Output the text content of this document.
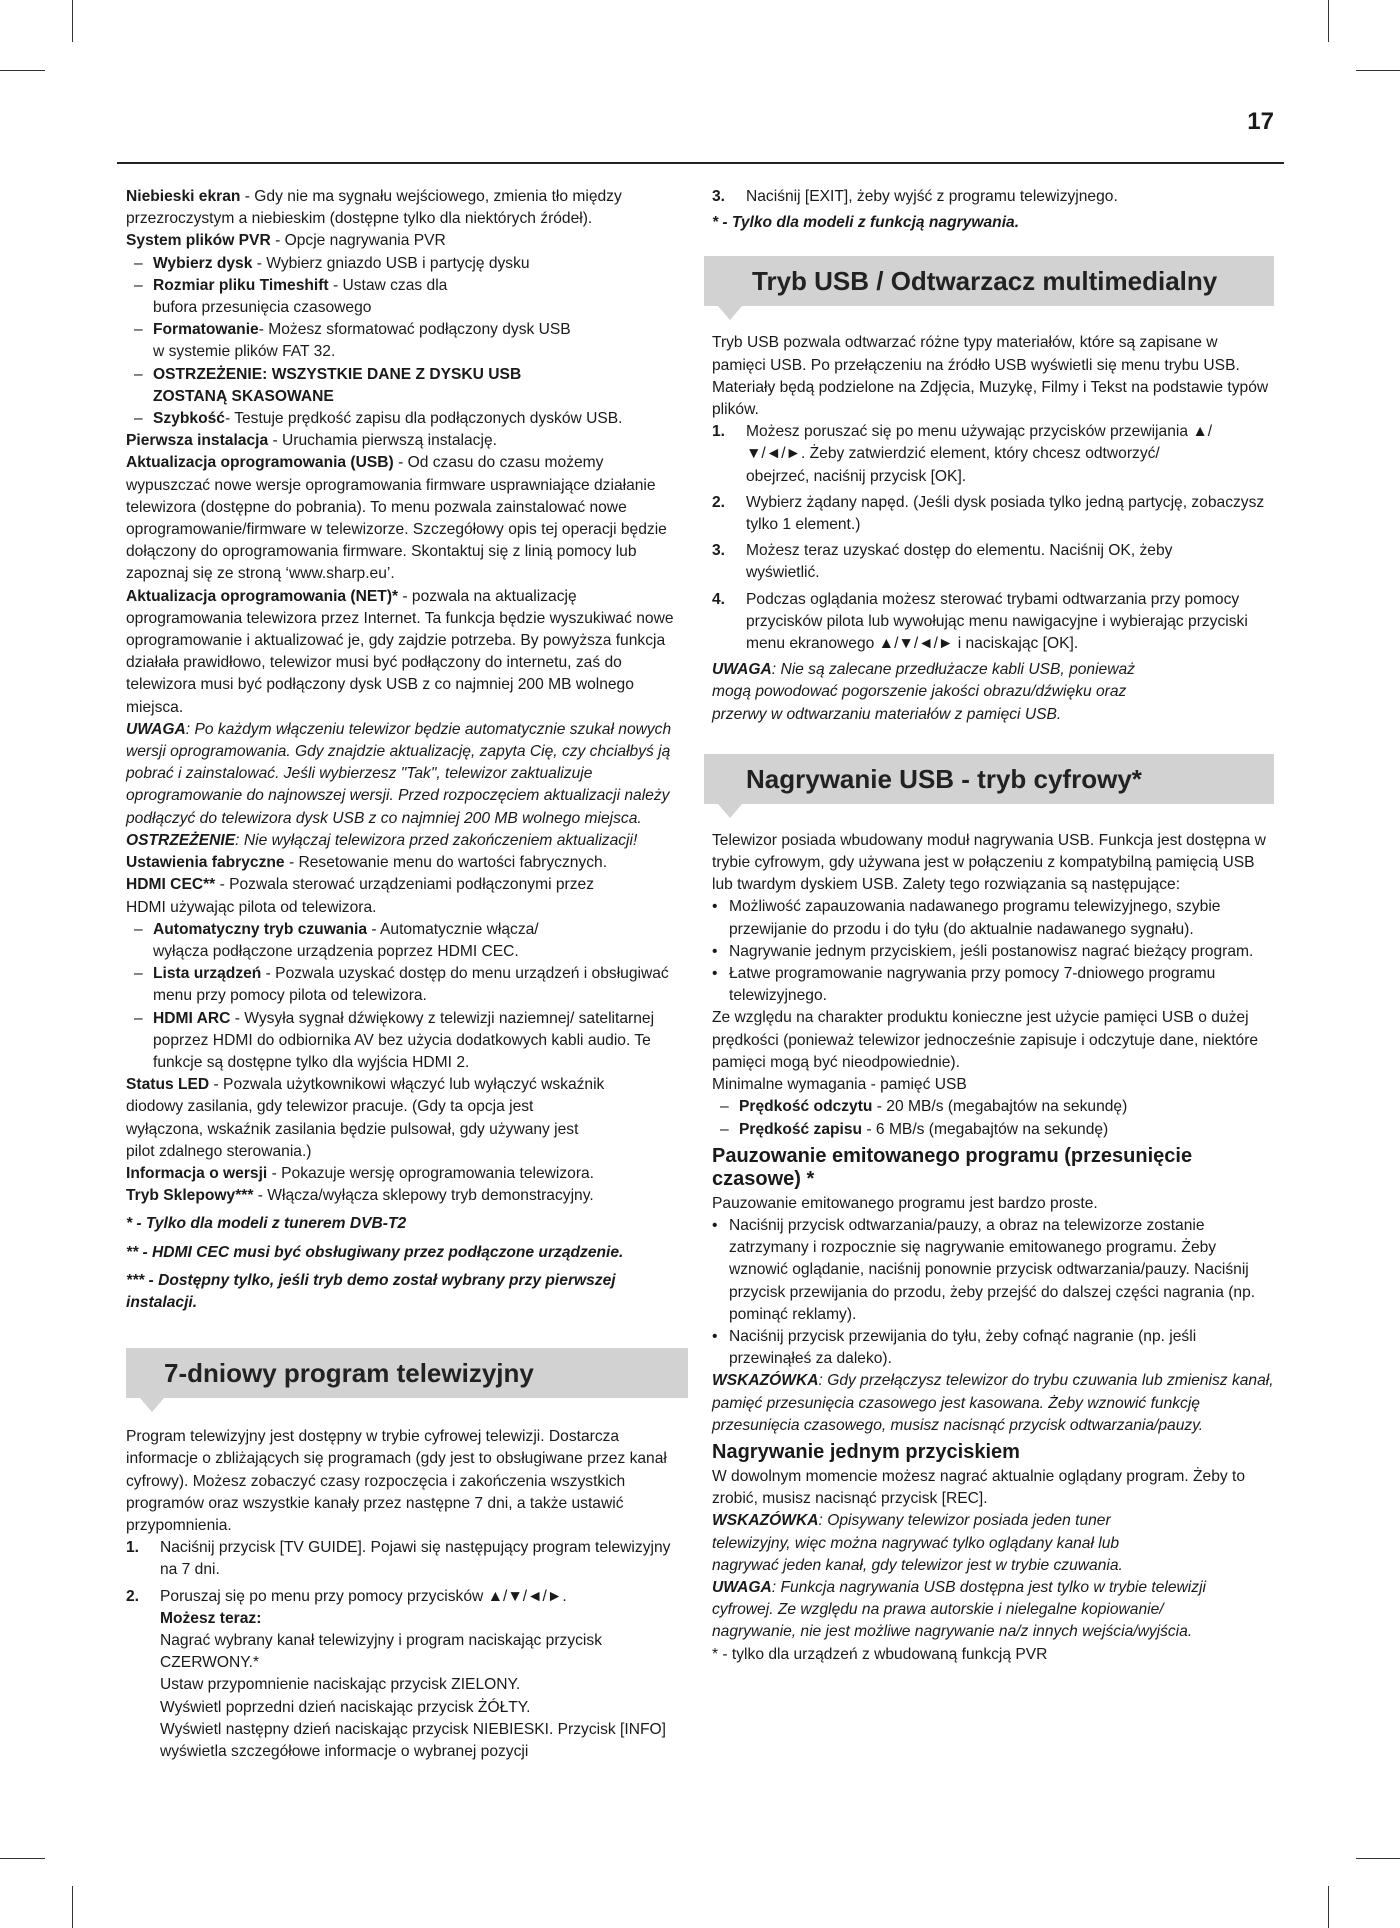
17

Niebieski ekran - Gdy nie ma sygnału wejściowego, zmienia tło między przezroczystym a niebieskim (dostępne tylko dla niektórych źródeł).

System plików PVR - Opcje nagrywania PVR

– Wybierz dysk - Wybierz gniazdo USB i partycję dysku
– Rozmiar pliku Timeshift - Ustaw czas dla bufora przesunięcia czasowego
– Formatowanie- Możesz sformatować podłączony dysk USB w systemie plików FAT 32.
– OSTRZEŻENIE: WSZYSTKIE DANE Z DYSKU USB ZOSTANĄ SKASOWANE
– Szybkość- Testuje prędkość zapisu dla podłączonych dysków USB.

Pierwsza instalacja - Uruchamia pierwszą instalację.

Aktualizacja oprogramowania (USB) - Od czasu do czasu możemy wypuszczać nowe wersje oprogramowania firmware usprawniające działanie telewizora (dostępne do pobrania). To menu pozwala zainstalować nowe oprogramowanie/firmware w telewizorze. Szczegółowy opis tej operacji będzie dołączony do oprogramowania firmware. Skontaktuj się z linią pomocy lub zapoznaj się ze stroną ‘www.sharp.eu’.

Aktualizacja oprogramowania (NET)* - pozwala na aktualizację oprogramowania telewizora przez Internet. Ta funkcja będzie wyszukiwać nowe oprogramowanie i aktualizować je, gdy zajdzie potrzeba. By powyższa funkcja działała prawidłowo, telewizor musi być podłączony do internetu, zaś do telewizora musi być podłączony dysk USB z co najmniej 200 MB wolnego miejsca.

UWAGA: Po każdym włączeniu telewizor będzie automatycznie szukał nowych wersji oprogramowania. Gdy znajdzie aktualizację, zapyta Cię, czy chciałbyś ją pobrać i zainstalować. Jeśli wybierzesz "Tak", telewizor zaktualizuje oprogramowanie do najnowszej wersji. Przed rozpoczęciem aktualizacji należy podłączyć do telewizora dysk USB z co najmniej 200 MB wolnego miejsca.

OSTRZEŻENIE: Nie wyłączaj telewizora przed zakończeniem aktualizacji!

Ustawienia fabryczne - Resetowanie menu do wartości fabrycznych.

HDMI CEC** - Pozwala sterować urządzeniami podłączonymi przez HDMI używając pilota od telewizora.

– Automatyczny tryb czuwania - Automatycznie włącza/ wyłącza podłączone urządzenia poprzez HDMI CEC.
– Lista urządzeń - Pozwala uzyskać dostęp do menu urządzeń i obsługiwać menu przy pomocy pilota od telewizora.
– HDMI ARC - Wysyła sygnał dźwiękowy z telewizji naziemnej/ satelitarnej poprzez HDMI do odbiornika AV bez użycia dodatkowych kabli audio. Te funkcje są dostępne tylko dla wyjścia HDMI 2.

Status LED - Pozwala użytkownikowi włączyć lub wyłączyć wskaźnik diodowy zasilania, gdy telewizor pracuje. (Gdy ta opcja jest wyłączona, wskaźnik zasilania będzie pulsował, gdy używany jest pilot zdalnego sterowania.)

Informacja o wersji - Pokazuje wersję oprogramowania telewizora.

Tryb Sklepowy*** - Włącza/wyłącza sklepowy tryb demonstracyjny.

* - Tylko dla modeli z tunerem DVB-T2

** - HDMI CEC musi być obsługiwany przez podłączone urządzenie.

*** - Dostępny tylko, jeśli tryb demo został wybrany przy pierwszej instalacji.

7-dniowy program telewizyjny

Program telewizyjny jest dostępny w trybie cyfrowej telewizji. Dostarcza informacje o zbliżających się programach (gdy jest to obsługiwane przez kanał cyfrowy). Możesz zobaczyć czasy rozpoczęcia i zakończenia wszystkich programów oraz wszystkie kanały przez następne 7 dni, a także ustawić przypomnienia.

1.	Naciśnij przycisk [TV GUIDE]. Pojawi się następujący program telewizyjny na 7 dni.
2.	Poruszaj się po menu przy pomocy przycisków ▲/▼/◄/►.
Możesz teraz:
Nagrać wybrany kanał telewizyjny i program naciskając przycisk CZERWONY.*
Ustaw przypomnienie naciskając przycisk ZIELONY.
Wyświetl poprzedni dzień naciskając przycisk ŻÓŁTY.
Wyświetl następny dzień naciskając przycisk NIEBIESKI. Przycisk [INFO] wyświetla szczegółowe informacje o wybranej pozycji
3.	Naciśnij [EXIT], żeby wyjść z programu telewizyjnego.

* - Tylko dla modeli z funkcją nagrywania.

Tryb USB / Odtwarzacz multimedialny

Tryb USB pozwala odtwarzać różne typy materiałów, które są zapisane w pamięci USB. Po przełączeniu na źródło USB wyświetli się menu trybu USB. Materiały będą podzielone na Zdjęcia, Muzykę, Filmy i Tekst na podstawie typów plików.

1.	Możesz poruszać się po menu używając przycisków przewijania ▲/▼/◄/►. Żeby zatwierdzić element, który chcesz odtworzyć/ obejrzeć, naciśnij przycisk [OK].
2.	Wybierz żądany napęd. (Jeśli dysk posiada tylko jedną partycję, zobaczysz tylko 1 element.)
3.	Możesz teraz uzyskać dostęp do elementu. Naciśnij OK, żeby wyświetlić.
4.	Podczas oglądania możesz sterować trybami odtwarzania przy pomocy przycisków pilota lub wywołując menu nawigacyjne i wybierając przyciski menu ekranowego ▲/▼/◄/► i naciskając [OK].

UWAGA: Nie są zalecane przedłużacze kabli USB, ponieważ mogą powodować pogorszenie jakości obrazu/dźwięku oraz przerwy w odtwarzaniu materiałów z pamięci USB.

Nagrywanie USB - tryb cyfrowy*

Telewizor posiada wbudowany moduł nagrywania USB. Funkcja jest dostępna w trybie cyfrowym, gdy używana jest w połączeniu z kompatybilną pamięcią USB lub twardym dyskiem USB. Zalety tego rozwiązania są następujące:

• Możliwość zapauzowania nadawanego programu telewizyjnego, szybie przewijanie do przodu i do tyłu (do aktualnie nadawanego sygnału).
• Nagrywanie jednym przyciskiem, jeśli postanowisz nagrać bieżący program.
• Łatwe programowanie nagrywania przy pomocy 7-dniowego programu telewizyjnego.

Ze względu na charakter produktu konieczne jest użycie pamięci USB o dużej prędkości (ponieważ telewizor jednocześnie zapisuje i odczytuje dane, niektóre pamięci mogą być nieodpowiednie).

Minimalne wymagania - pamięć USB

– Prędkość odczytu - 20 MB/s (megabajtów na sekundę)
– Prędkość zapisu - 6 MB/s (megabajtów na sekundę)
Pauzowanie emitowanego programu (przesunięcie czasowe) *

Pauzowanie emitowanego programu jest bardzo proste.

• Naciśnij przycisk odtwarzania/pauzy, a obraz na telewizorze zostanie zatrzymany i rozpocznie się nagrywanie emitowanego programu. Żeby wznowić oglądanie, naciśnij ponownie przycisk odtwarzania/pauzy. Naciśnij przycisk przewijania do przodu, żeby przejść do dalszej części nagrania (np. pominąć reklamy).
• Naciśnij przycisk przewijania do tyłu, żeby cofnąć nagranie (np. jeśli przewinąłeś za daleko).

WSKAZÓWKA: Gdy przełączysz telewizor do trybu czuwania lub zmienisz kanał, pamięć przesunięcia czasowego jest kasowana. Żeby wznowić funkcję przesunięcia czasowego, musisz nacisnąć przycisk odtwarzania/pauzy.

Nagrywanie jednym przyciskiem

W dowolnym momencie możesz nagrać aktualnie oglądany program. Żeby to zrobić, musisz nacisnąć przycisk [REC].

WSKAZÓWKA: Opisywany telewizor posiada jeden tuner telewizyjny, więc można nagrywać tylko oglądany kanał lub nagrywać jeden kanał, gdy telewizor jest w trybie czuwania.

UWAGA: Funkcja nagrywania USB dostępna jest tylko w trybie telewizji cyfrowej. Ze względu na prawa autorskie i nielegalne kopiowanie/ nagrywanie, nie jest możliwe nagrywanie na/z innych wejścia/wyjścia.

* - tylko dla urządzeń z wbudowaną funkcją PVR
